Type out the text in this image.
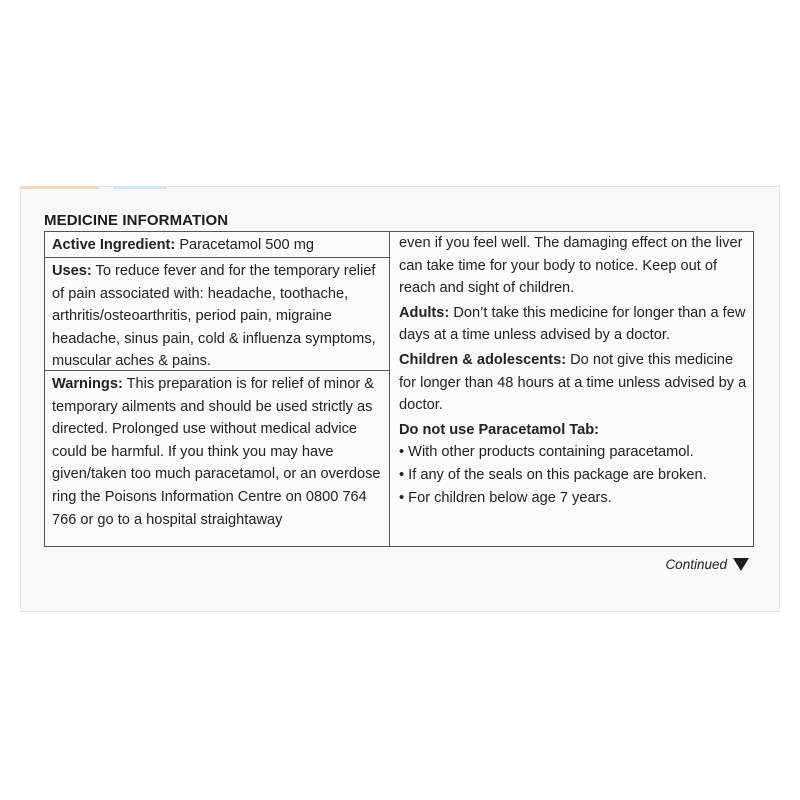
MEDICINE INFORMATION
Active Ingredient: Paracetamol 500 mg
Uses: To reduce fever and for the temporary relief of pain associated with: headache, toothache, arthritis/osteoarthritis, period pain, migraine headache, sinus pain, cold & influenza symptoms, muscular aches & pains.
Warnings: This preparation is for relief of minor & temporary ailments and should be used strictly as directed. Prolonged use without medical advice could be harmful. If you think you may have given/taken too much paracetamol, or an overdose ring the Poisons Information Centre on 0800 764 766 or go to a hospital straightaway

even if you feel well. The damaging effect on the liver can take time for your body to notice. Keep out of reach and sight of children.

Adults: Don’t take this medicine for longer than a few days at a time unless advised by a doctor.

Children & adolescents: Do not give this medicine for longer than 48 hours at a time unless advised by a doctor.

Do not use Paracetamol Tab:

• With other products containing paracetamol.
• If any of the seals on this package are broken.
• For children below age 7 years.
Continued
